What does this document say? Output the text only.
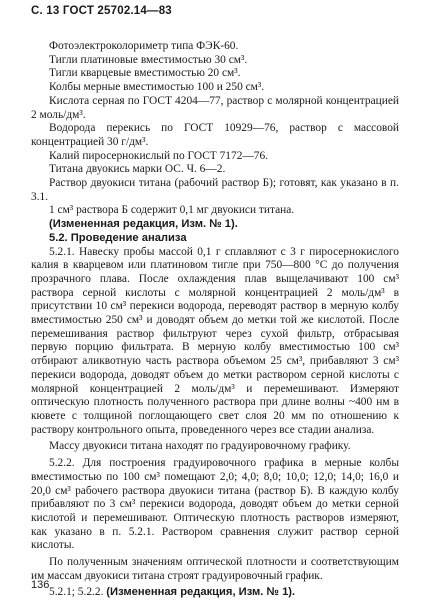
С. 13 ГОСТ 25702.14—83

Фотоэлектроколориметр типа ФЭК-60.

Тигли платиновые вместимостью 30 см³.

Тигли кварцевые вместимостью 20 см³.

Колбы мерные вместимостью 100 и 250 см³.

Кислота серная по ГОСТ 4204—77, раствор с молярной концентрацией 2 моль/дм³.

Водорода перекись по ГОСТ 10929—76, раствор с массовой концентрацией 30 г/дм³.

Калий пиросернокислый по ГОСТ 7172—76.

Титана двуокись марки ОС. Ч. 6—2.

Раствор двуокиси титана (рабочий раствор Б); готовят, как указано в п. 3.1.

1 см³ раствора Б содержит 0,1 мг двуокиси титана.

(Измененная редакция, Изм. № 1).

5.2. Проведение анализа

5.2.1. Навеску пробы массой 0,1 г сплавляют с 3 г пиросернокислого калия в кварцевом или платиновом тигле при 750—800 °С до получения прозрачного плава. После охлаждения плав выщелачивают 100 см³ раствора серной кислоты с молярной концентрацией 2 моль/дм³ в присутствии 10 см³ перекиси водорода, переводят раствор в мерную колбу вместимостью 250 см³ и доводят объем до метки той же кислотой. После перемешивания раствор фильтруют через сухой фильтр, отбрасывая первую порцию фильтрата. В мерную колбу вместимостью 100 см³ отбирают аликвотную часть раствора объемом 25 см³, прибавляют 3 см³ перекиси водорода, доводят объем до метки раствором серной кислоты с молярной концентрацией 2 моль/дм³ и перемешивают. Измеряют оптическую плотность полученного раствора при длине волны ~400 нм в кювете с толщиной поглощающего свет слоя 20 мм по отношению к раствору контрольного опыта, проведенного через все стадии анализа.

Массу двуокиси титана находят по градуировочному графику.

5.2.2. Для построения градуировочного графика в мерные колбы вместимостью по 100 см³ помещают 2,0; 4,0; 8,0; 10,0; 12,0; 14,0; 16,0 и 20,0 см³ рабочего раствора двуокиси титана (раствор Б). В каждую колбу прибавляют по 3 см³ перекиси водорода, доводят объем до метки серной кислотой и перемешивают. Оптическую плотность растворов измеряют, как указано в п. 5.2.1. Раствором сравнения служит раствор серной кислоты.

По полученным значениям оптической плотности и соответствующим им массам двуокиси титана строят градуировочный график.

5.2.1; 5.2.2. (Измененная редакция, Изм. № 1).

136
